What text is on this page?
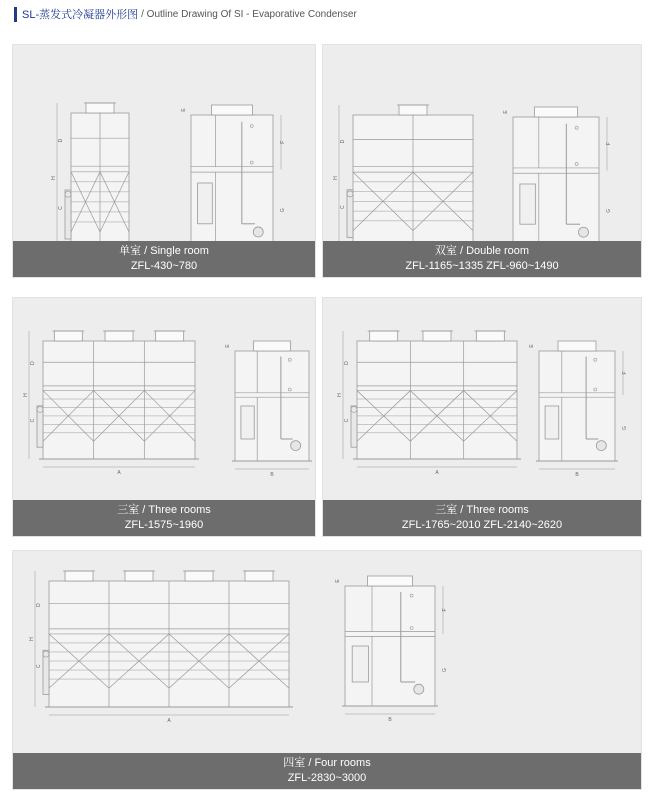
SL-蒸发式冷凝器外形图 / Outline Drawing Of SI - Evaporative Condenser
H
D
C
F
G
E
单室 / Single room
ZFL-430~780
H
D
C
F
G
E
双室 / Double room
ZFL-1165~1335 ZFL-960~1490
A
H
D
C
B
E
三室 / Three rooms
ZFL-1575~1960
A
H
D
C
B
F
G
E
三室 / Three rooms
ZFL-1765~2010 ZFL-2140~2620
A
H
D
C
B
F
G
E
四室 / Four rooms
ZFL-2830~3000
